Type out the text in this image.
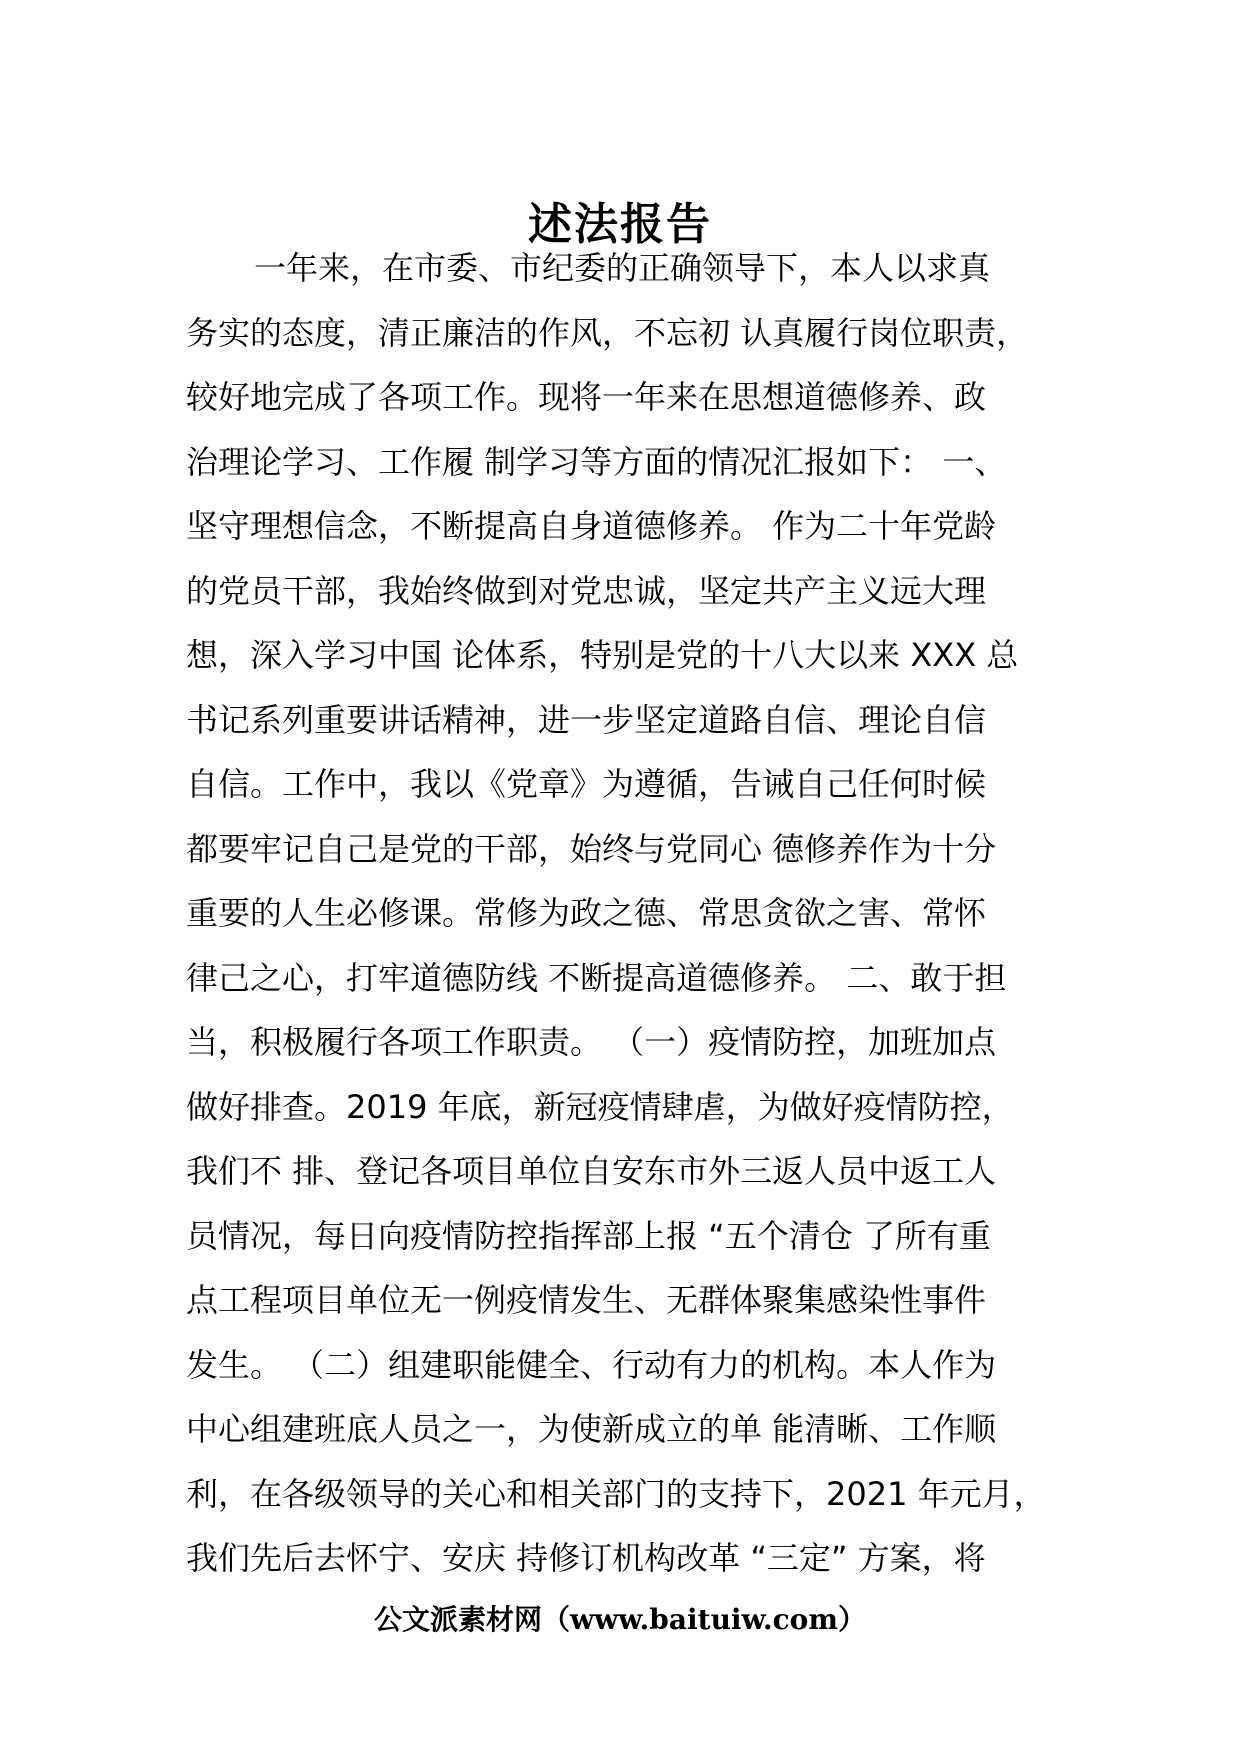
述法报告
一年来，在市委、市纪委的正确领导下，本人以求真
务实的态度，清正廉洁的作风，不忘初 认真履行岗位职责，
较好地完成了各项工作。现将一年来在思想道德修养、政
治理论学习、工作履 制学习等方面的情况汇报如下： 一、
坚守理想信念，不断提高自身道德修养。 作为二十年党龄
的党员干部，我始终做到对党忠诚，坚定共产主义远大理
想，深入学习中国 论体系，特别是党的十八大以来 XXX 总
书记系列重要讲话精神，进一步坚定道路自信、理论自信
自信。工作中，我以《党章》为遵循，告诫自己任何时候
都要牢记自己是党的干部，始终与党同心 德修养作为十分
重要的人生必修课。常修为政之德、常思贪欲之害、常怀
律己之心，打牢道德防线 不断提高道德修养。 二、敢于担
当，积极履行各项工作职责。 （一）疫情防控，加班加点
做好排查。2019 年底，新冠疫情肆虐，为做好疫情防控，
我们不 排、登记各项目单位自安东市外三返人员中返工人
员情况，每日向疫情防控指挥部上报 “五个清仓 了所有重
点工程项目单位无一例疫情发生、无群体聚集感染性事件
发生。 （二）组建职能健全、行动有力的机构。本人作为
中心组建班底人员之一，为使新成立的单 能清晰、工作顺
利，在各级领导的关心和相关部门的支持下，2021 年元月，
我们先后去怀宁、安庆 持修订机构改革 “三定” 方案，将
公文派素材网（www.baituiw.com）
